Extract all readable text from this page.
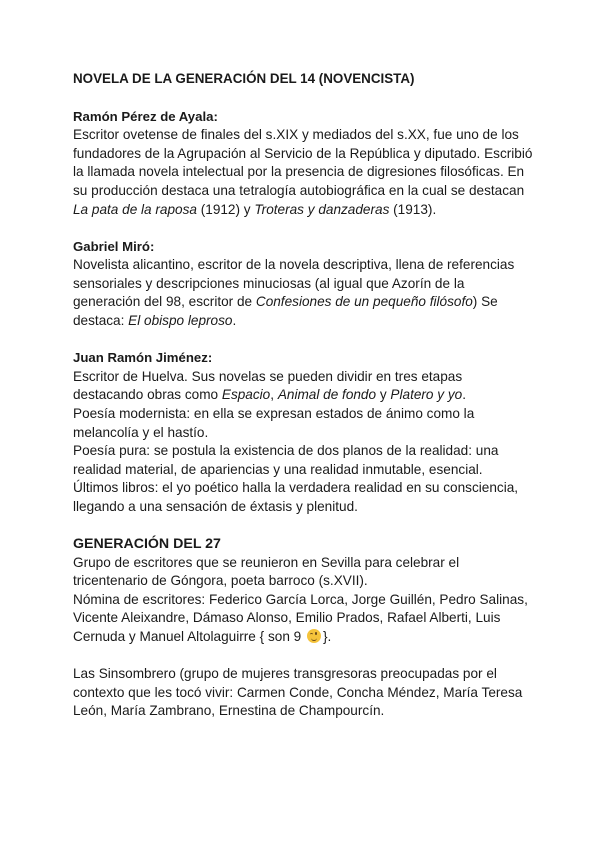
NOVELA DE LA GENERACIÓN DEL 14 (NOVENCISTA)
Ramón Pérez de Ayala:

Escritor ovetense de finales del s.XIX y mediados del s.XX, fue uno de los fundadores de la Agrupación al Servicio de la República y diputado. Escribió la llamada novela intelectual por la presencia de digresiones filosóficas. En su producción destaca una tetralogía autobiográfica en la cual se destacan La pata de la raposa (1912) y Troteras y danzaderas (1913).

Gabriel Miró:

Novelista alicantino, escritor de la novela descriptiva, llena de referencias sensoriales y descripciones minuciosas (al igual que Azorín de la generación del 98, escritor de Confesiones de un pequeño filósofo) Se destaca: El obispo leproso.

Juan Ramón Jiménez:

Escritor de Huelva. Sus novelas se pueden dividir en tres etapas destacando obras como Espacio, Animal de fondo y Platero y yo.

Poesía modernista: en ella se expresan estados de ánimo como la melancolía y el hastío.

Poesía pura: se postula la existencia de dos planos de la realidad: una realidad material, de apariencias y una realidad inmutable, esencial.

Últimos libros: el yo poético halla la verdadera realidad en su consciencia, llegando a una sensación de éxtasis y plenitud.

GENERACIÓN DEL 27

Grupo de escritores que se reunieron en Sevilla para celebrar el tricentenario de Góngora, poeta barroco (s.XVII).

Nómina de escritores: Federico García Lorca, Jorge Guillén, Pedro Salinas, Vicente Aleixandre, Dámaso Alonso, Emilio Prados, Rafael Alberti, Luis Cernuda y Manuel Altolaguirre { son 9
}.

Las Sinsombrero (grupo de mujeres transgresoras preocupadas por el contexto que les tocó vivir: Carmen Conde, Concha Méndez, María Teresa León, María Zambrano, Ernestina de Champourcín.
